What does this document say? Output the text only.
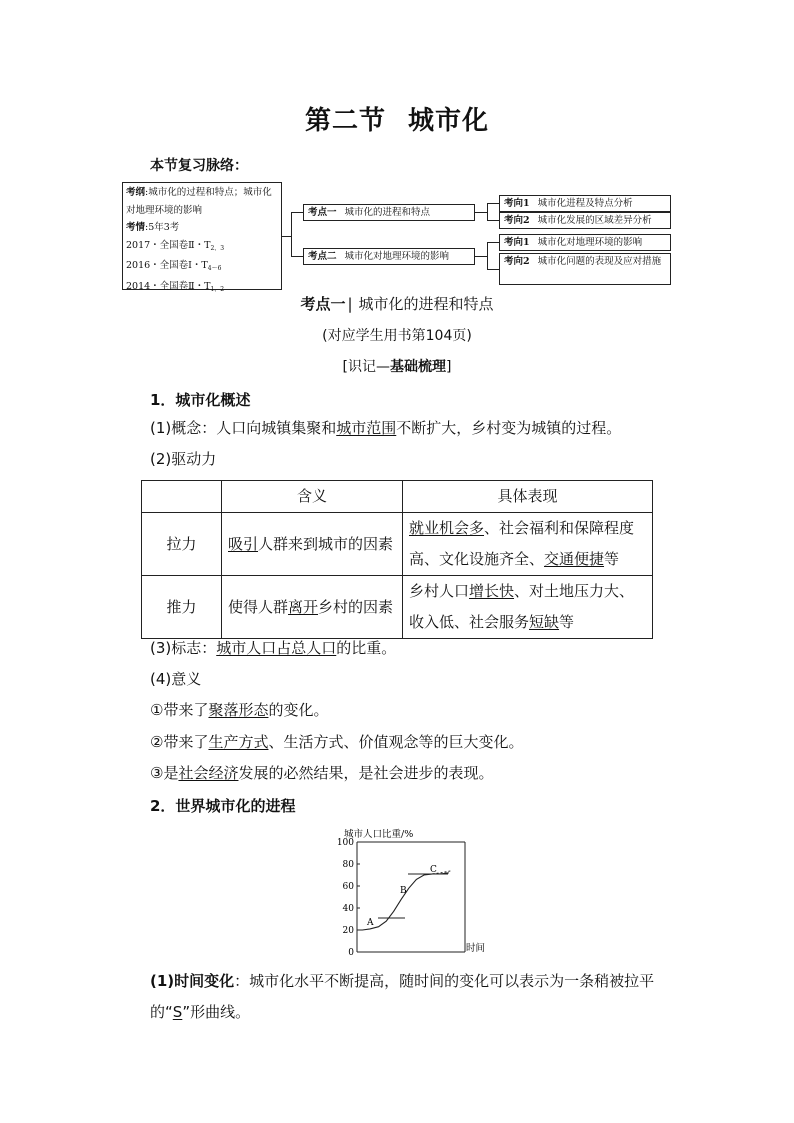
第二节 城市化
本节复习脉络：
考纲:城市化的过程和特点；城市化对地理环境的影响
考情:5年3考
2017・全国卷Ⅱ・$T_{2、3}$
2016・全国卷Ⅰ・$T_{4\sim 6}$
2014・全国卷Ⅱ・$T_{1、2}$
考点一 城市化的进程和特点
考点二 城市化对地理环境的影响
考向1 城市化进程及特点分析
考向2 城市化发展的区域差异分析
考向1 城市化对地理环境的影响
考向2 城市化问题的表现及应对措施
考点一 | 城市化的进程和特点
(对应学生用书第104页)
[识记—基础梳理]
1．城市化概述
(1)概念：人口向城镇集聚和城市范围不断扩大，乡村变为城镇的过程。
(2)驱动力
	含义	具体表现
拉力	吸引人群来到城市的因素	就业机会多、社会福利和保障程度高、文化设施齐全、交通便捷等
推力	使得人群离开乡村的因素	乡村人口增长快、对土地压力大、收入低、社会服务短缺等
(3)标志：城市人口占总人口的比重。
(4)意义
①带来了聚落形态的变化。
②带来了生产方式、生活方式、价值观念等的巨大变化。
③是社会经济发展的必然结果，是社会进步的表现。
2．世界城市化的进程
城市人口比重/%
100
80
60
40
20
0	时间
A
B
C
(1)时间变化：城市化水平不断提高，随时间的变化可以表示为一条稍被拉平的“S”形曲线。
